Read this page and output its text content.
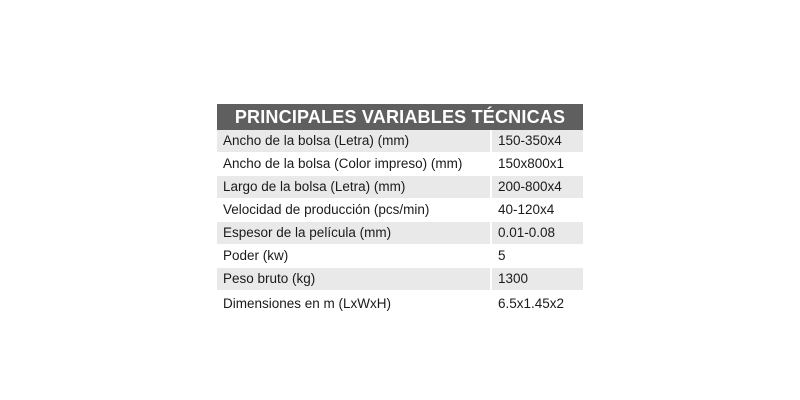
PRINCIPALES VARIABLES TÉCNICAS
Ancho de la bolsa (Letra) (mm)	150-350x4
Ancho de la bolsa (Color impreso) (mm)	150x800x1
Largo de la bolsa (Letra) (mm)	200-800x4
Velocidad de producción (pcs/min)	40-120x4
Espesor de la película (mm)	0.01-0.08
Poder (kw)	5
Peso bruto (kg)	1300
Dimensiones en m (LxWxH)	6.5x1.45x2
